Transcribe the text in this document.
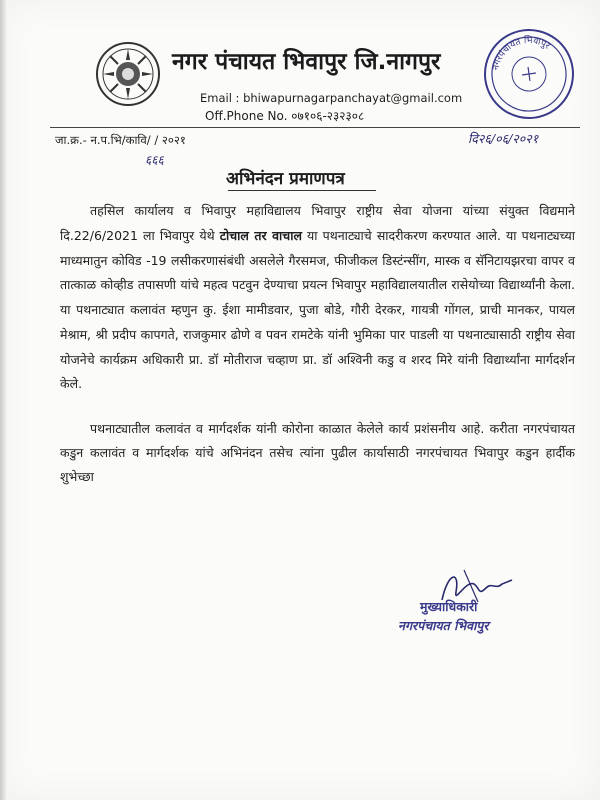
नगर पंचायत भिवापुर जि.नागपुर
Email : bhiwapurnagarpanchayat@gmail.com
Off.Phone No. ०७१०६-२३२३०८
नगरपंचायत भिवापुर
जा.क्र.- न.प.भि/कावि/ / २०२१
६६६
दि२६/०६/२०२१
अभिनंदन प्रमाणपत्र

तहसिल कार्यालय व भिवापुर महाविद्यालय भिवापुर राष्ट्रीय सेवा योजना यांच्या संयुक्त विद्यमाने दि.22/6/2021 ला भिवापुर येथे टोचाल तर वाचाल या पथनाट्याचे सादरीकरण करण्यात आले. या पथनाट्यच्या माध्यमातुन कोविड -19 लसीकरणासंबंधी असलेले गैरसमज, फीजीकल डिस्टंन्सींग, मास्क व सॅनिटायझरचा वापर व तात्काळ कोव्हीड तपासणी यांचे महत्व पटवुन देण्याचा प्रयत्न भिवापुर महाविद्यालयातील रासेयोच्या विद्यार्थ्यांनी केला. या पथनाट्यात कलावंत म्हणुन कु. ईशा मामीडवार, पुजा बोडे, गौरी देरकर, गायत्री गोंगल, प्राची मानकर, पायल मेश्राम, श्री प्रदीप कापगते, राजकुमार ढोणे व पवन रामटेके यांनी भुमिका पार पाडली या पथनाट्यासाठी राष्ट्रीय सेवा योजनेचे कार्यक्रम अधिकारी प्रा. डॉ मोतीराज चव्हाण प्रा. डॉ अश्विनी कडु व शरद मिरे यांनी विद्यार्थ्यांना मार्गदर्शन केले.

पथनाट्यातील कलावंत व मार्गदर्शक यांनी कोरोना काळात केलेले कार्य प्रशंसनीय आहे. करीता नगरपंचायत कडुन कलावंत व मार्गदर्शक यांचे अभिनंदन तसेच त्यांना पुढील कार्यासाठी नगरपंचायत भिवापुर कडुन हार्दीक शुभेच्छा

मुख्याधिकारी
नगरपंचायत भिवापुर
